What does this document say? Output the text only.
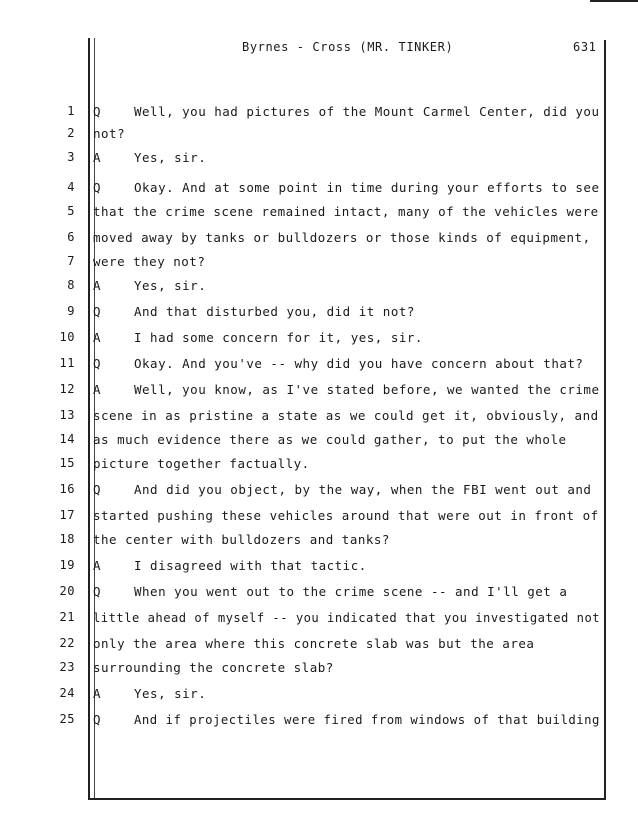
Byrnes - Cross (MR. TINKER)	631
1 Q	Well, you had pictures of the Mount Carmel Center, did you
2 not?
3 A	Yes, sir.
4 Q	Okay. And at some point in time during your efforts to see
5 that the crime scene remained intact, many of the vehicles were
6 moved away by tanks or bulldozers or those kinds of equipment,
7 were they not?
8 A	Yes, sir.
9 Q	And that disturbed you, did it not?
10 A	I had some concern for it, yes, sir.
11 Q	Okay. And you've -- why did you have concern about that?
12 A	Well, you know, as I've stated before, we wanted the crime
13 scene in as pristine a state as we could get it, obviously, and
14 as much evidence there as we could gather, to put the whole
15 picture together factually.
16 Q	And did you object, by the way, when the FBI went out and
17 started pushing these vehicles around that were out in front of
18 the center with bulldozers and tanks?
19 A	I disagreed with that tactic.
20 Q	When you went out to the crime scene -- and I'll get a
21 little ahead of myself -- you indicated that you investigated not
22 only the area where this concrete slab was but the area
23 surrounding the concrete slab?
24 A	Yes, sir.
25 Q	And if projectiles were fired from windows of that building
